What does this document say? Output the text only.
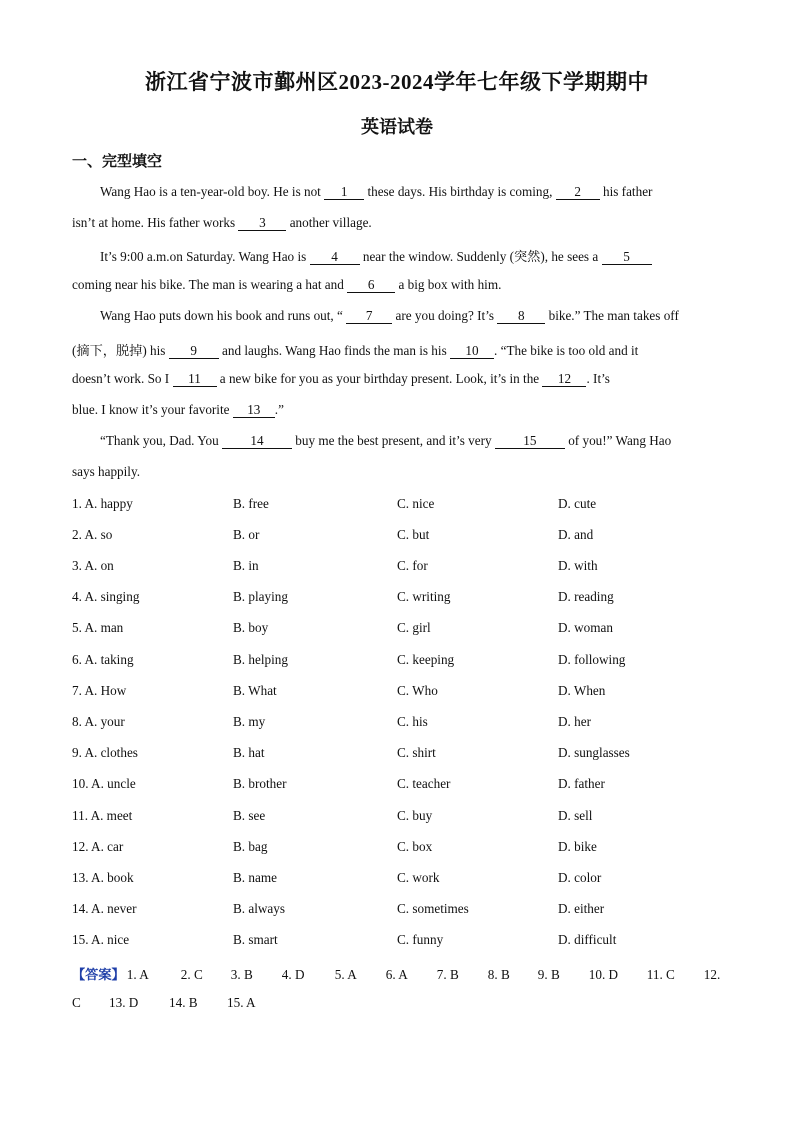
浙江省宁波市鄞州区2023-2024学年七年级下学期期中
英语试卷
一、完型填空
Wang Hao is a ten-year-old boy. He is not 1 these days. His birthday is coming, 2 his father
isn’t at home. His father works 3 another village.
It’s 9:00 a.m.on Saturday. Wang Hao is 4 near the window. Suddenly (突然), he sees a 5
coming near his bike. The man is wearing a hat and 6 a big box with him.
Wang Hao puts down his book and runs out, “ 7 are you doing? It’s 8 bike.” The man takes off
(摘下，脱掉) his 9 and laughs. Wang Hao finds the man is his 10 . “The bike is too old and it
doesn’t work. So I 11 a new bike for you as your birthday present. Look, it’s in the 12 . It’s
blue. I know it’s your favorite 13 .”
“Thank you, Dad. You 14 buy me the best present, and it’s very 15 of you!” Wang Hao
says happily.
1. A. happy	B. free	C. nice	D. cute
2. A. so	B. or	C. but	D. and
3. A. on	B. in	C. for	D. with
4. A. singing	B. playing	C. writing	D. reading
5. A. man	B. boy	C. girl	D. woman
6. A. taking	B. helping	C. keeping	D. following
7. A. How	B. What	C. Who	D. When
8. A. your	B. my	C. his	D. her
9. A. clothes	B. hat	C. shirt	D. sunglasses
10. A. uncle	B. brother	C. teacher	D. father
11. A. meet	B. see	C. buy	D. sell
12. A. car	B. bag	C. box	D. bike
13. A. book	B. name	C. work	D. color
14. A. never	B. always	C. sometimes	D. either
15. A. nice	B. smart	C. funny	D. difficult
【答案】 1. A 2. C 3. B 4. D 5. A 6. A 7. B 8. B 9. B 10. D 11. C 12.
C 13. D 14. B 15. A
